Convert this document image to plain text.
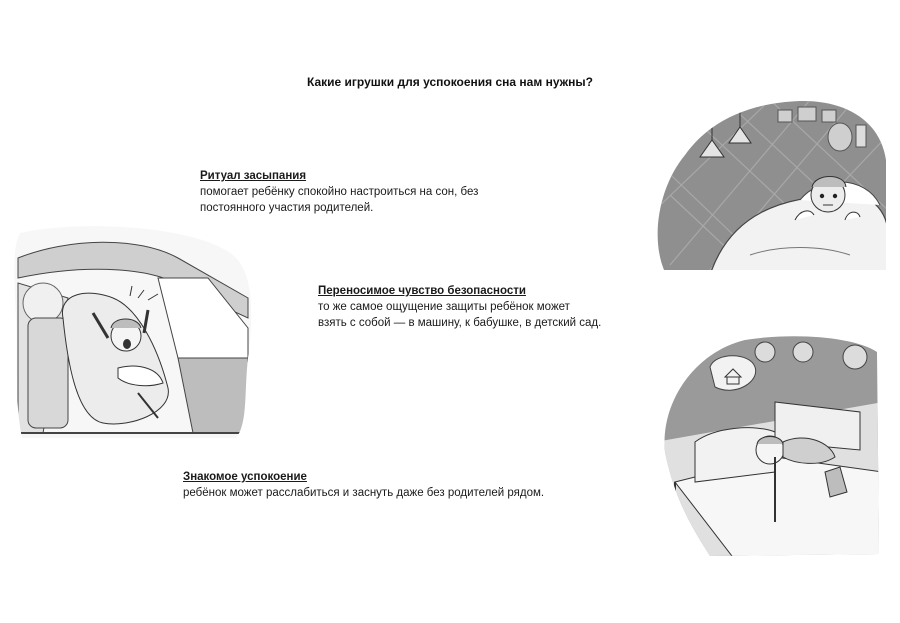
Какие игрушки для успокоения сна нам нужны?
Ритуал засыпания
помогает ребёнку спокойно настроиться на сон, без
постоянного участия родителей.
Переносимое чувство безопасности
то же самое ощущение защиты ребёнок может
взять с собой — в машину, к бабушке, в детский сад.
Знакомое успокоение
ребёнок может расслабиться и заснуть даже без родителей рядом.
